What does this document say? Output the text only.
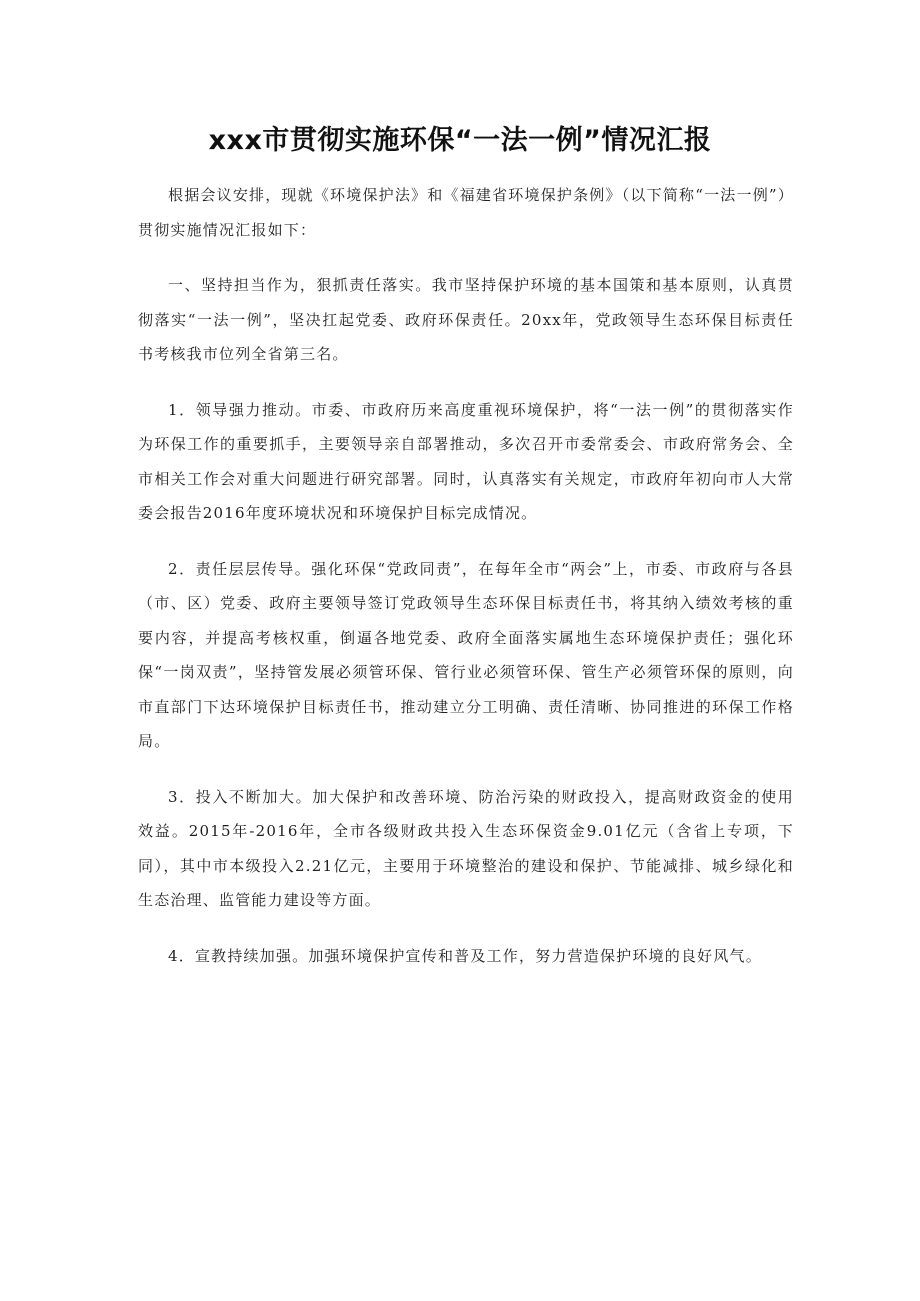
xxx市贯彻实施环保“一法一例”情况汇报

根据会议安排，现就《环境保护法》和《福建省环境保护条例》（以下简称“一法一例”）贯彻实施情况汇报如下：

一、坚持担当作为，狠抓责任落实。我市坚持保护环境的基本国策和基本原则，认真贯彻落实“一法一例”，坚决扛起党委、政府环保责任。20xx年，党政领导生态环保目标责任书考核我市位列全省第三名。

1．领导强力推动。市委、市政府历来高度重视环境保护，将“一法一例”的贯彻落实作为环保工作的重要抓手，主要领导亲自部署推动，多次召开市委常委会、市政府常务会、全市相关工作会对重大问题进行研究部署。同时，认真落实有关规定，市政府年初向市人大常委会报告2016年度环境状况和环境保护目标完成情况。

2．责任层层传导。强化环保“党政同责”，在每年全市“两会”上，市委、市政府与各县（市、区）党委、政府主要领导签订党政领导生态环保目标责任书，将其纳入绩效考核的重要内容，并提高考核权重，倒逼各地党委、政府全面落实属地生态环境保护责任；强化环保“一岗双责”，坚持管发展必须管环保、管行业必须管环保、管生产必须管环保的原则，向市直部门下达环境保护目标责任书，推动建立分工明确、责任清晰、协同推进的环保工作格局。

3．投入不断加大。加大保护和改善环境、防治污染的财政投入，提高财政资金的使用效益。2015年-2016年，全市各级财政共投入生态环保资金9.01亿元（含省上专项，下同），其中市本级投入2.21亿元，主要用于环境整治的建设和保护、节能减排、城乡绿化和生态治理、监管能力建设等方面。

4．宣教持续加强。加强环境保护宣传和普及工作，努力营造保护环境的良好风气。
